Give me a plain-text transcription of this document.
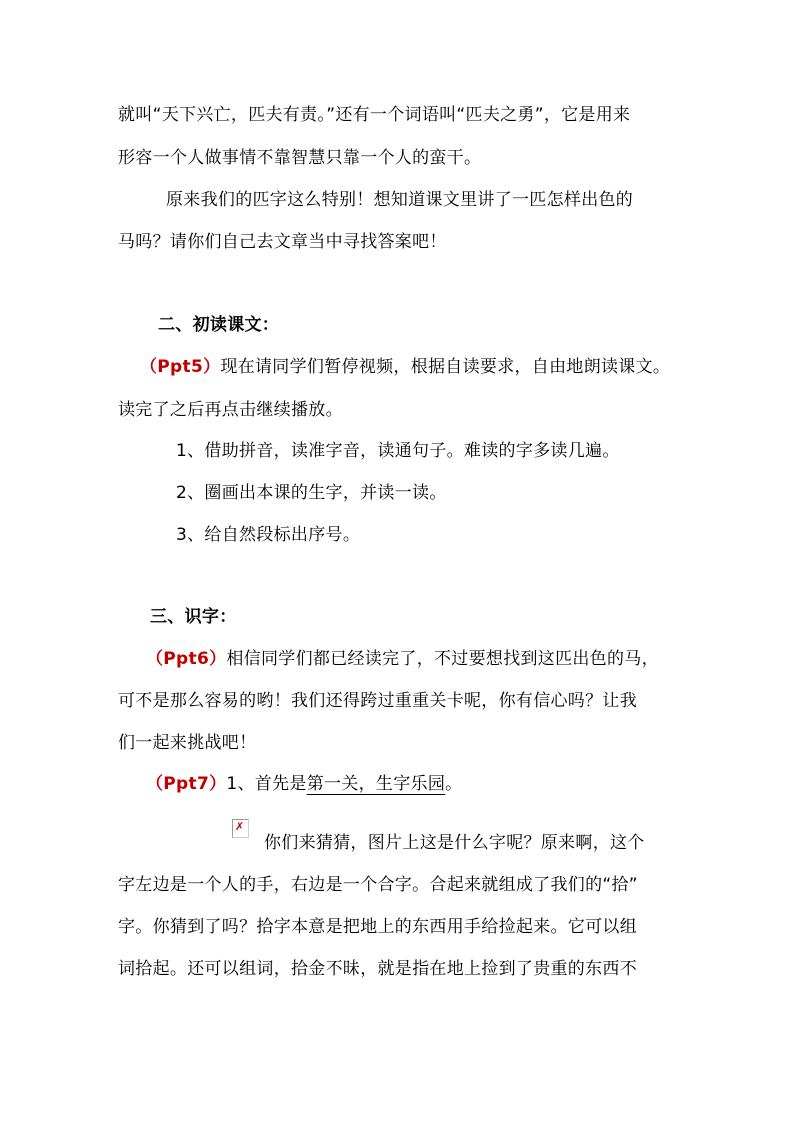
就叫“天下兴亡，匹夫有责。”还有一个词语叫“匹夫之勇”，它是用来
形容一个人做事情不靠智慧只靠一个人的蛮干。
原来我们的匹字这么特别！想知道课文里讲了一匹怎样出色的
马吗？请你们自己去文章当中寻找答案吧！
二、初读课文：
（Ppt5）现在请同学们暂停视频，根据自读要求，自由地朗读课文。
读完了之后再点击继续播放。
1、借助拼音，读准字音，读通句子。难读的字多读几遍。
2、圈画出本课的生字，并读一读。
3、给自然段标出序号。
三、识字：
（Ppt6）相信同学们都已经读完了，不过要想找到这匹出色的马，
可不是那么容易的哟！我们还得跨过重重关卡呢，你有信心吗？让我
们一起来挑战吧！
（Ppt7）1、首先是第一关，生字乐园。
✗
你们来猜猜，图片上这是什么字呢？原来啊，这个
字左边是一个人的手，右边是一个合字。合起来就组成了我们的“拾”
字。你猜到了吗？拾字本意是把地上的东西用手给捡起来。它可以组
词拾起。还可以组词，拾金不昧，就是指在地上捡到了贵重的东西不
